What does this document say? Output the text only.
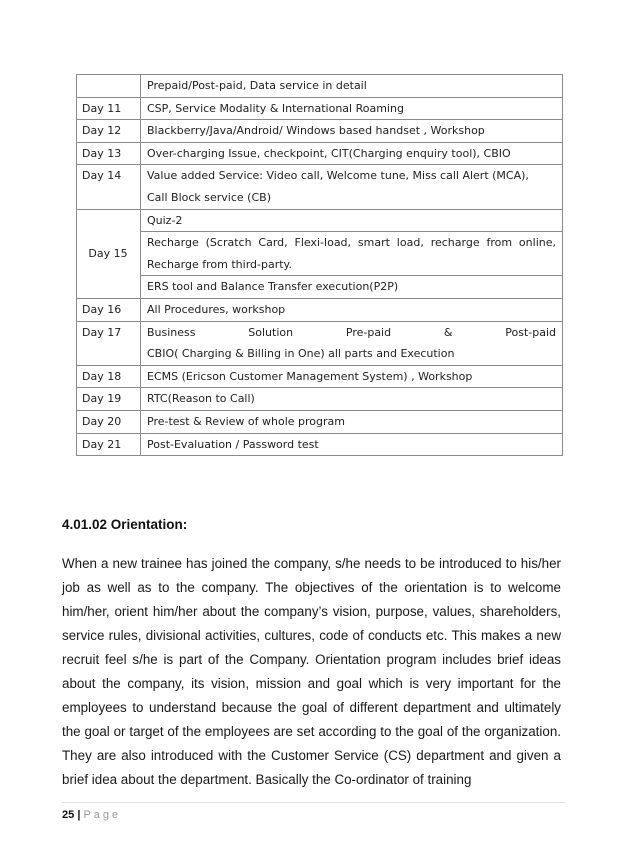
	Prepaid/Post-paid, Data service in detail
Day 11	CSP, Service Modality & International Roaming
Day 12	Blackberry/Java/Android/ Windows based handset , Workshop
Day 13	Over-charging Issue, checkpoint, CIT(Charging enquiry tool), CBIO
Day 14	Value added Service: Video call, Welcome tune, Miss call Alert (MCA),
Call Block service (CB)
Day 15	Quiz-2
	Recharge (Scratch Card, Flexi-load, smart load, recharge from online, Recharge from third-party.
	ERS tool and Balance Transfer execution(P2P)
Day 16	All Procedures, workshop
Day 17	Business Solution Pre-paid & Post-paid
CBIO( Charging & Billing in One) all parts and Execution
Day 18	ECMS (Ericson Customer Management System) , Workshop
Day 19	RTC(Reason to Call)
Day 20	Pre-test & Review of whole program
Day 21	Post-Evaluation / Password test
4.01.02 Orientation:
When a new trainee has joined the company, s/he needs to be introduced to his/her job as well as to the company. The objectives of the orientation is to welcome him/her, orient him/her about the company’s vision, purpose, values, shareholders, service rules, divisional activities, cultures, code of conducts etc. This makes a new recruit feel s/he is part of the Company. Orientation program includes brief ideas about the company, its vision, mission and goal which is very important for the employees to understand because the goal of different department and ultimately the goal or target of the employees are set according to the goal of the organization. They are also introduced with the Customer Service (CS) department and given a brief idea about the department. Basically the Co-ordinator of training
25 | Page
